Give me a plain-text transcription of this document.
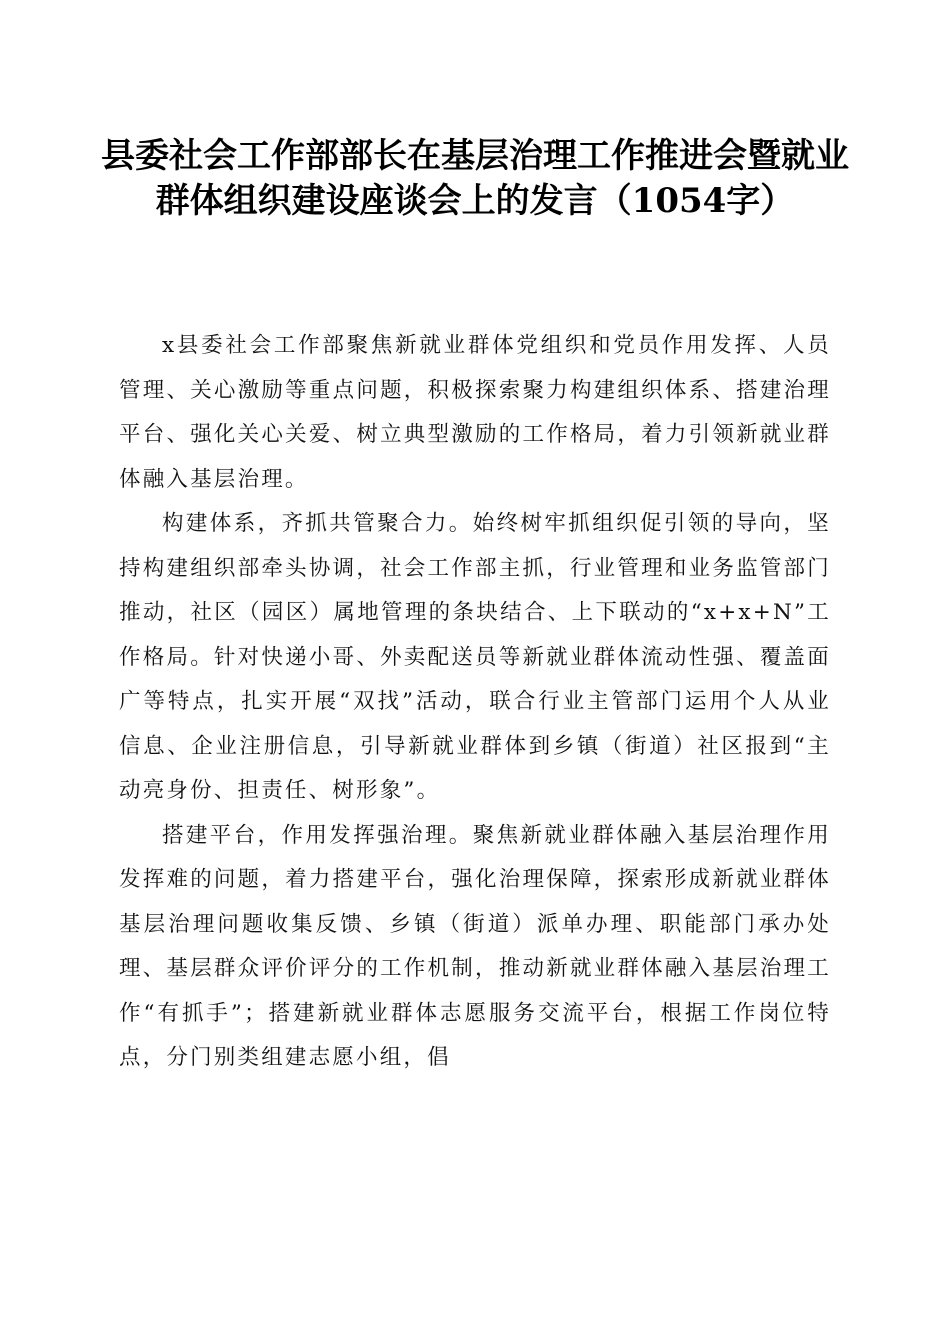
县委社会工作部部长在基层治理工作推进会暨就业群体组织建设座谈会上的发言（1054字）

x县委社会工作部聚焦新就业群体党组织和党员作用发挥、人员管理、关心激励等重点问题，积极探索聚力构建组织体系、搭建治理平台、强化关心关爱、树立典型激励的工作格局，着力引领新就业群体融入基层治理。

构建体系，齐抓共管聚合力。始终树牢抓组织促引领的导向，坚持构建组织部牵头协调，社会工作部主抓，行业管理和业务监管部门推动，社区（园区）属地管理的条块结合、上下联动的“x+x+N”工作格局。针对快递小哥、外卖配送员等新就业群体流动性强、覆盖面广等特点，扎实开展“双找”活动，联合行业主管部门运用个人从业信息、企业注册信息，引导新就业群体到乡镇（街道）社区报到“主动亮身份、担责任、树形象”。

搭建平台，作用发挥强治理。聚焦新就业群体融入基层治理作用发挥难的问题，着力搭建平台，强化治理保障，探索形成新就业群体基层治理问题收集反馈、乡镇（街道）派单办理、职能部门承办处理、基层群众评价评分的工作机制，推动新就业群体融入基层治理工作“有抓手”；搭建新就业群体志愿服务交流平台，根据工作岗位特点，分门别类组建志愿小组，倡
